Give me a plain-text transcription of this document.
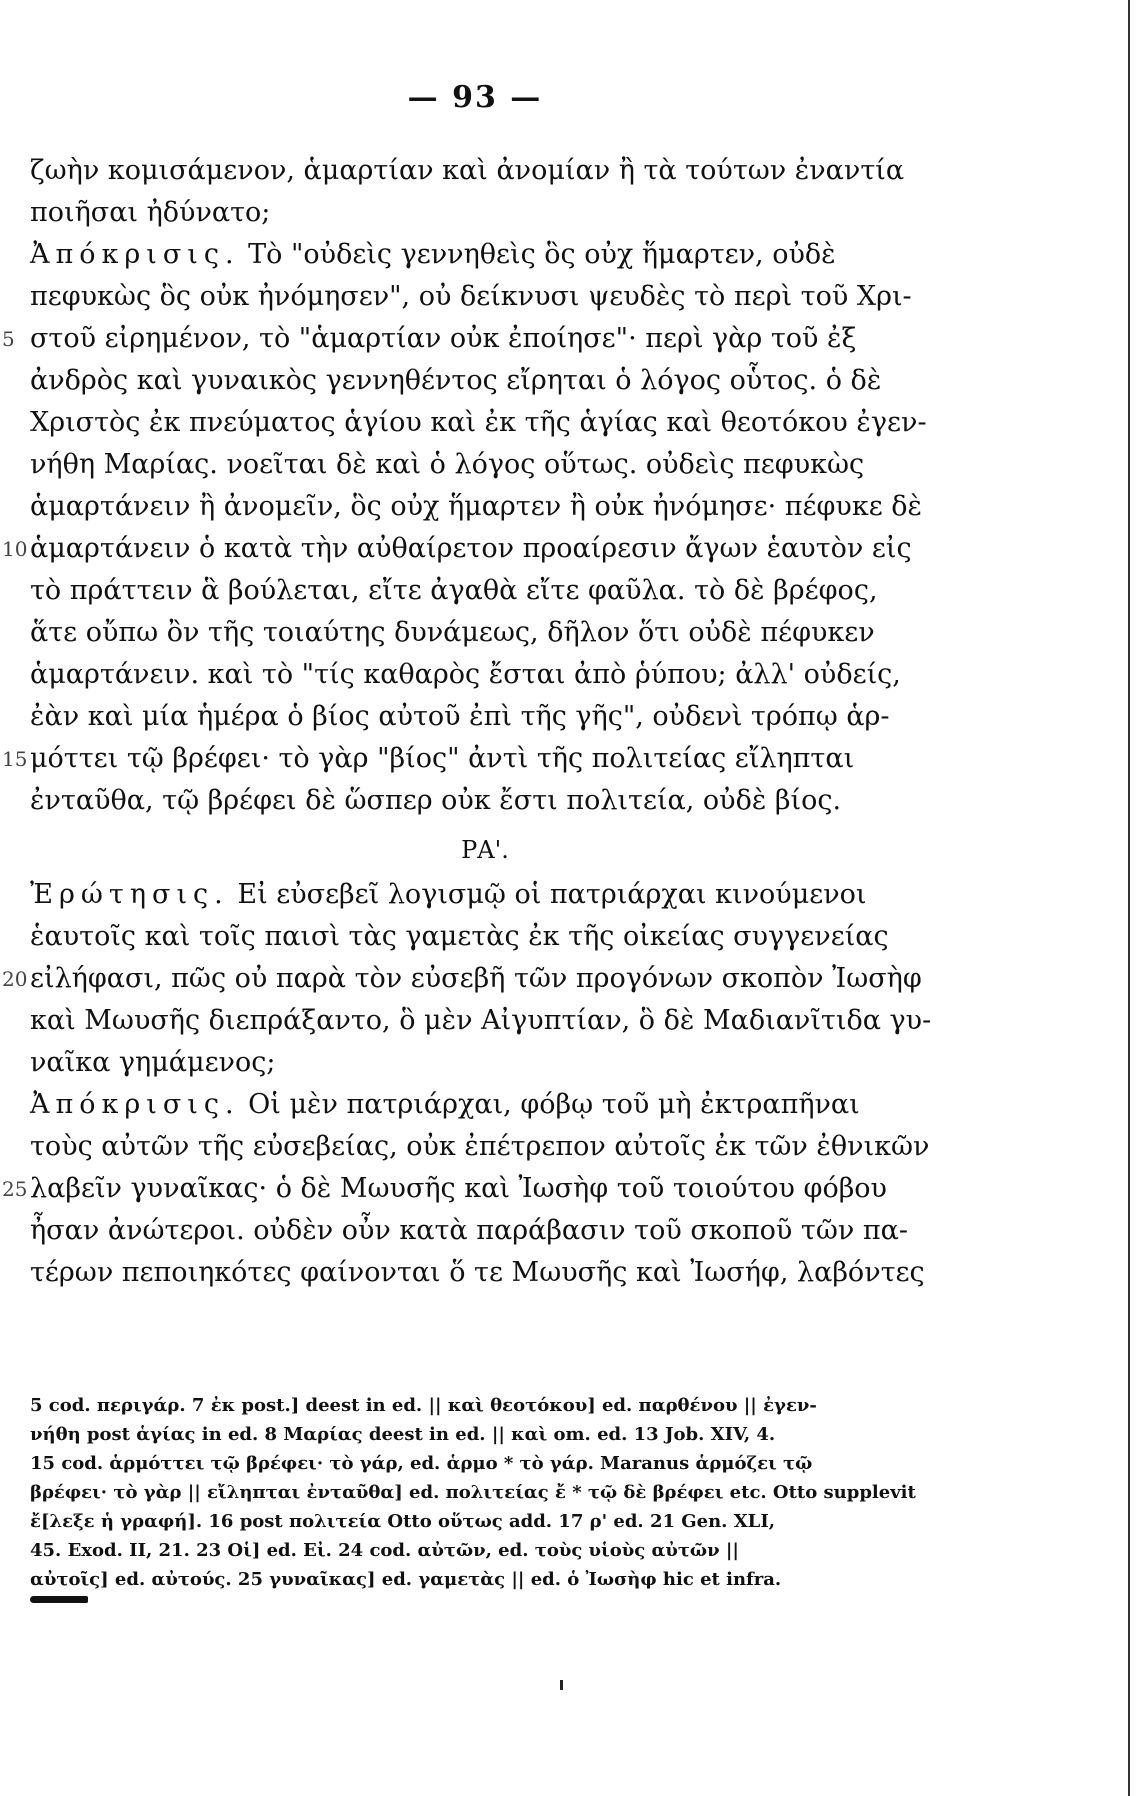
— 93 —
ζωὴν κομισάμενον, ἁμαρτίαν καὶ ἀνομίαν ἢ τὰ τούτων ἐναντία
ποιῆσαι ἠδύνατο;
Ἀπόκρισις. Τὸ "οὐδεὶς γεννηθεὶς ὃς οὐχ ἥμαρτεν, οὐδὲ
πεφυκὼς ὃς οὐκ ἠνόμησεν", οὐ δείκνυσι ψευδὲς τὸ περὶ τοῦ Χρι-
5 στοῦ εἰρημένον, τὸ "ἁμαρτίαν οὐκ ἐποίησε"· περὶ γὰρ τοῦ ἐξ
ἀνδρὸς καὶ γυναικὸς γεννηθέντος εἴρηται ὁ λόγος οὗτος. ὁ δὲ
Χριστὸς ἐκ πνεύματος ἁγίου καὶ ἐκ τῆς ἁγίας καὶ θεοτόκου ἐγεν-
νήθη Μαρίας. νοεῖται δὲ καὶ ὁ λόγος οὕτως. οὐδεὶς πεφυκὼς
ἁμαρτάνειν ἢ ἀνομεῖν, ὃς οὐχ ἥμαρτεν ἢ οὐκ ἠνόμησε· πέφυκε δὲ
10 ἁμαρτάνειν ὁ κατὰ τὴν αὐθαίρετον προαίρεσιν ἄγων ἑαυτὸν εἰς
τὸ πράττειν ἃ βούλεται, εἴτε ἀγαθὰ εἴτε φαῦλα. τὸ δὲ βρέφος,
ἅτε οὔπω ὂν τῆς τοιαύτης δυνάμεως, δῆλον ὅτι οὐδὲ πέφυκεν
ἁμαρτάνειν. καὶ τὸ "τίς καθαρὸς ἔσται ἀπὸ ῥύπου; ἀλλ' οὐδείς,
ἐὰν καὶ μία ἡμέρα ὁ βίος αὐτοῦ ἐπὶ τῆς γῆς", οὐδενὶ τρόπῳ ἁρ-
15 μόττει τῷ βρέφει· τὸ γὰρ "βίος" ἀντὶ τῆς πολιτείας εἴληπται
ἐνταῦθα, τῷ βρέφει δὲ ὥσπερ οὐκ ἔστι πολιτεία, οὐδὲ βίος.
ΡΑ'.
Ἐρώτησις. Εἰ εὐσεβεῖ λογισμῷ οἱ πατριάρχαι κινούμενοι
ἑαυτοῖς καὶ τοῖς παισὶ τὰς γαμετὰς ἐκ τῆς οἰκείας συγγενείας
20 εἰλήφασι, πῶς οὐ παρὰ τὸν εὐσεβῆ τῶν προγόνων σκοπὸν Ἰωσὴφ
καὶ Μωυσῆς διεπράξαντο, ὃ μὲν Αἰγυπτίαν, ὃ δὲ Μαδιανῖτιδα γυ-
ναῖκα γημάμενος;
Ἀπόκρισις. Οἱ μὲν πατριάρχαι, φόβῳ τοῦ μὴ ἐκτραπῆναι
τοὺς αὐτῶν τῆς εὐσεβείας, οὐκ ἐπέτρεπον αὐτοῖς ἐκ τῶν ἐθνικῶν
25 λαβεῖν γυναῖκας· ὁ δὲ Μωυσῆς καὶ Ἰωσὴφ τοῦ τοιούτου φόβου
ἦσαν ἀνώτεροι. οὐδὲν οὖν κατὰ παράβασιν τοῦ σκοποῦ τῶν πα-
τέρων πεποιηκότες φαίνονται ὅ τε Μωυσῆς καὶ Ἰωσήφ, λαβόντες
5 cod. περιγάρ. 7 ἐκ post.] deest in ed. || καὶ θεοτόκου] ed. παρθένου || ἐγεν-
νήθη post ἁγίας in ed. 8 Μαρίας deest in ed. || καὶ om. ed. 13 Job. XIV, 4.
15 cod. ἁρμόττει τῷ βρέφει· τὸ γάρ, ed. ἁρμο * τὸ γάρ. Maranus ἁρμόζει τῷ
βρέφει· τὸ γὰρ || εἴληπται ἐνταῦθα] ed. πολιτείας ἔ * τῷ δὲ βρέφει etc. Otto supplevit
ἔ[λεξε ἡ γραφή]. 16 post πολιτεία Otto οὕτως add. 17 ρ' ed. 21 Gen. XLI,
45. Exod. II, 21. 23 Οἱ] ed. Εἰ. 24 cod. αὐτῶν, ed. τοὺς υἱοὺς αὐτῶν ||
αὐτοῖς] ed. αὐτούς. 25 γυναῖκας] ed. γαμετὰς || ed. ὁ Ἰωσὴφ hic et infra.
